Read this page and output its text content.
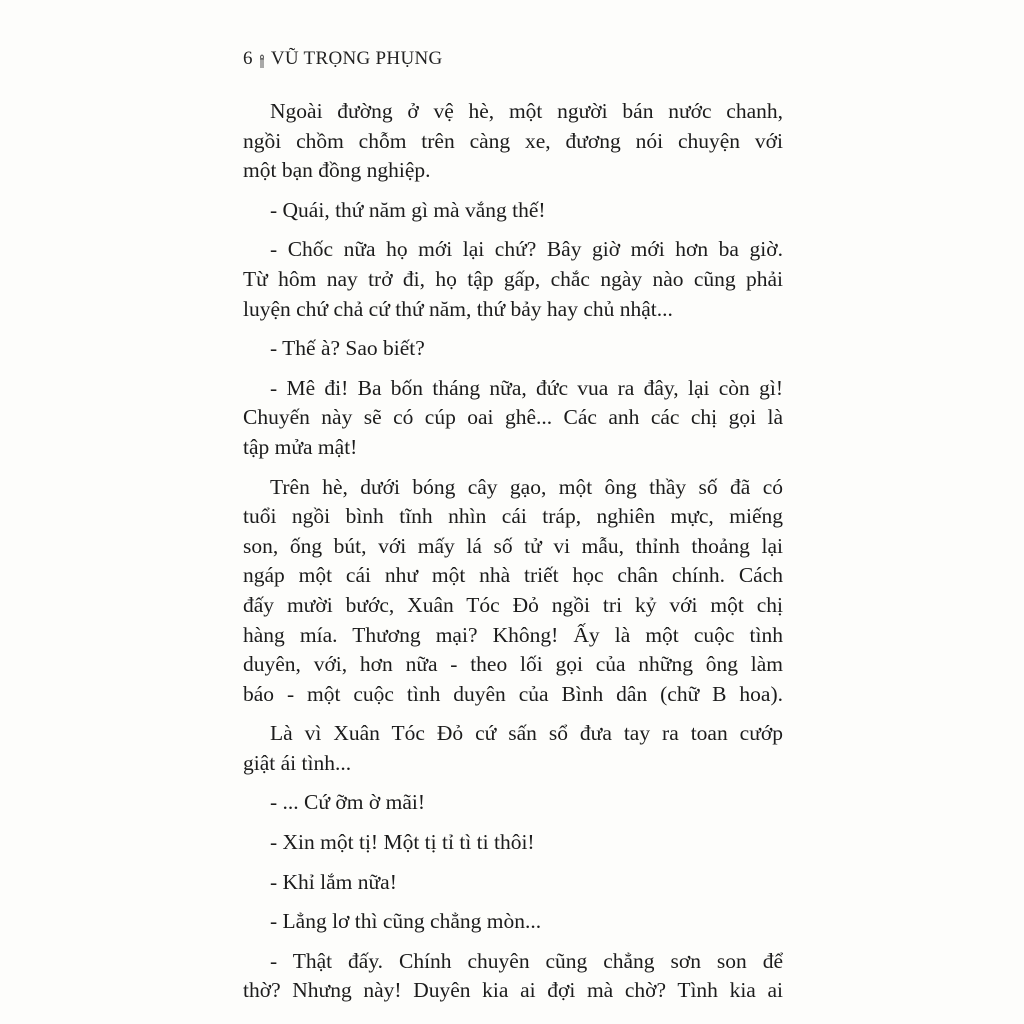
6 VŨ TRỌNG PHỤNG
Ngoài đường ở vệ hè, một người bán nước chanh,
ngồi chồm chỗm trên càng xe, đương nói chuyện với
một bạn đồng nghiệp.
- Quái, thứ năm gì mà vắng thế!
- Chốc nữa họ mới lại chứ? Bây giờ mới hơn ba giờ.
Từ hôm nay trở đi, họ tập gấp, chắc ngày nào cũng phải
luyện chứ chả cứ thứ năm, thứ bảy hay chủ nhật...
- Thế à? Sao biết?
- Mê đi! Ba bốn tháng nữa, đức vua ra đây, lại còn gì!
Chuyến này sẽ có cúp oai ghê... Các anh các chị gọi là
tập mửa mật!
Trên hè, dưới bóng cây gạo, một ông thầy số đã có
tuổi ngồi bình tĩnh nhìn cái tráp, nghiên mực, miếng
son, ống bút, với mấy lá số tử vi mẫu, thỉnh thoảng lại
ngáp một cái như một nhà triết học chân chính. Cách
đấy mười bước, Xuân Tóc Đỏ ngồi tri kỷ với một chị
hàng mía. Thương mại? Không! Ấy là một cuộc tình
duyên, với, hơn nữa - theo lối gọi của những ông làm
báo - một cuộc tình duyên của Bình dân (chữ B hoa).
Là vì Xuân Tóc Đỏ cứ sấn sổ đưa tay ra toan cướp
giật ái tình...
- ... Cứ ỡm ờ mãi!
- Xin một tị! Một tị tỉ tì ti thôi!
- Khỉ lắm nữa!
- Lẳng lơ thì cũng chẳng mòn...
- Thật đấy. Chính chuyên cũng chẳng sơn son để
thờ? Nhưng này! Duyên kia ai đợi mà chờ? Tình kia ai
